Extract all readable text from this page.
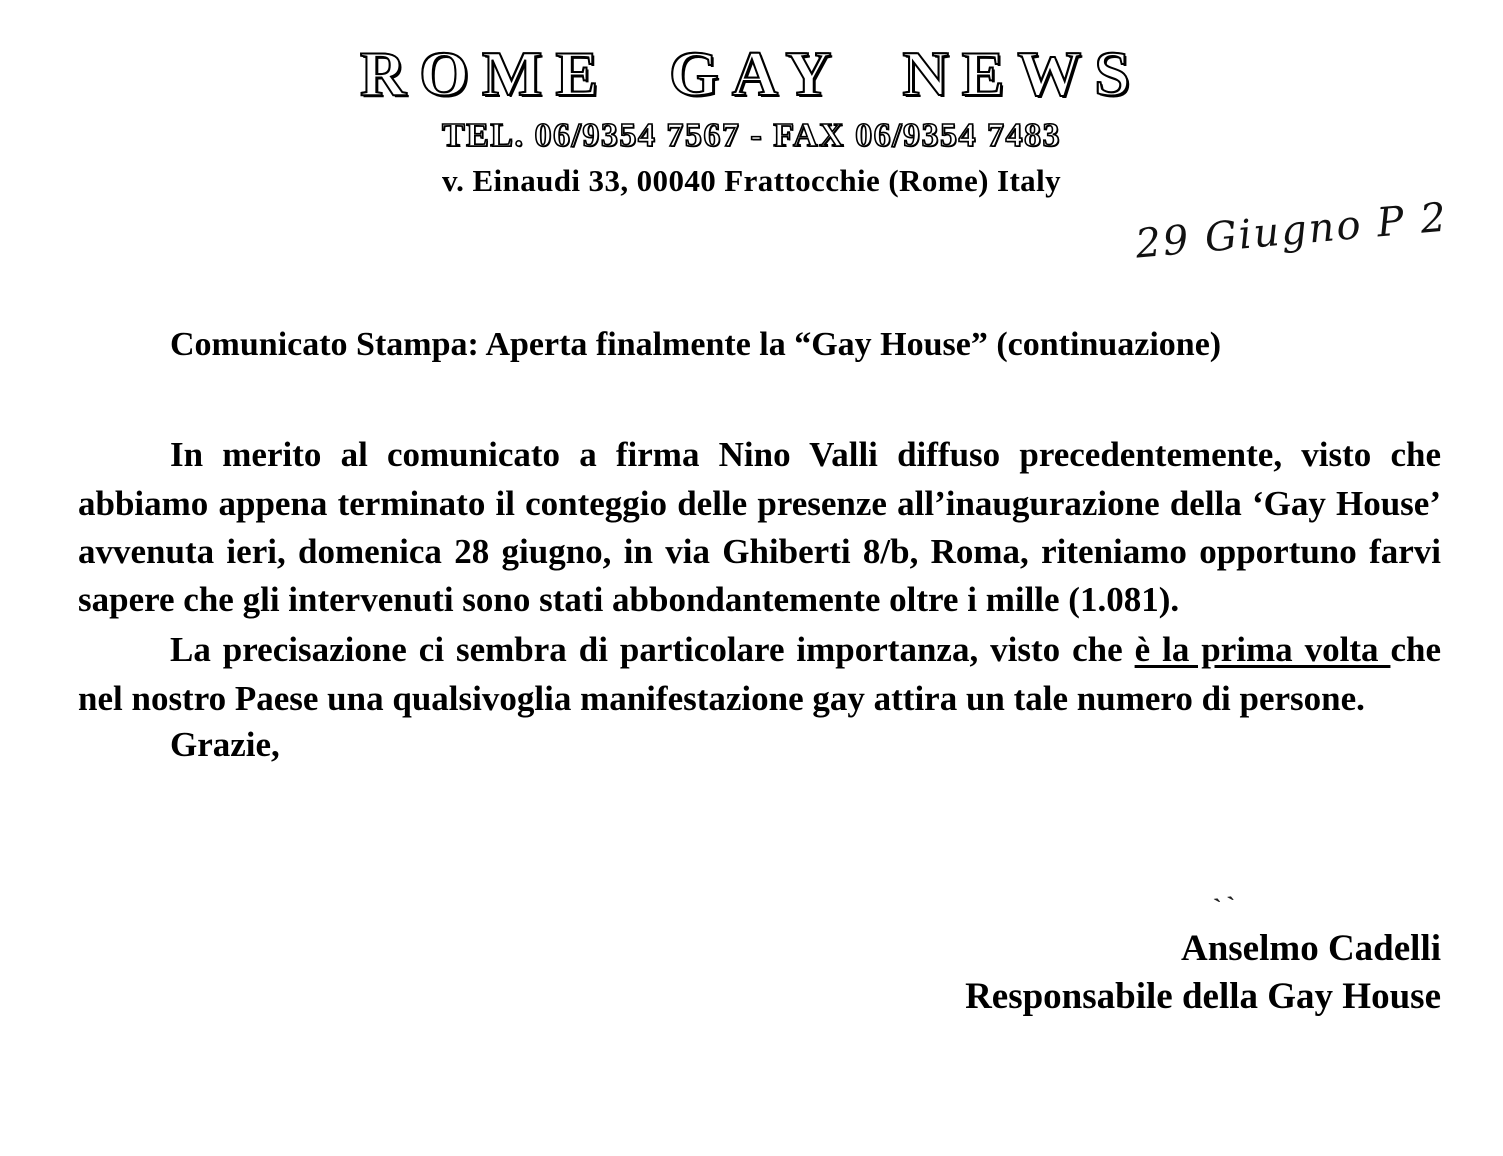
ROME GAY NEWS
TEL. 06/9354 7567 - FAX 06/9354 7483
v. Einaudi 33, 00040 Frattocchie (Rome) Italy
29 Giugno P 2
Comunicato Stampa: Aperta finalmente la “Gay House” (continuazione)

In merito al comunicato a firma Nino Valli diffuso precedentemente, visto che abbiamo appena terminato il conteggio delle presenze all’inaugurazione della ‘Gay House’ avvenuta ieri, domenica 28 giugno, in via Ghiberti 8/b, Roma, riteniamo opportuno farvi sapere che gli intervenuti sono stati abbondantemente oltre i mille (1.081).

La precisazione ci sembra di particolare importanza, visto che è la prima volta che nel nostro Paese una qualsivoglia manifestazione gay attira un tale numero di persone.

Grazie,
ˋˋ
Anselmo Cadelli
Responsabile della Gay House
